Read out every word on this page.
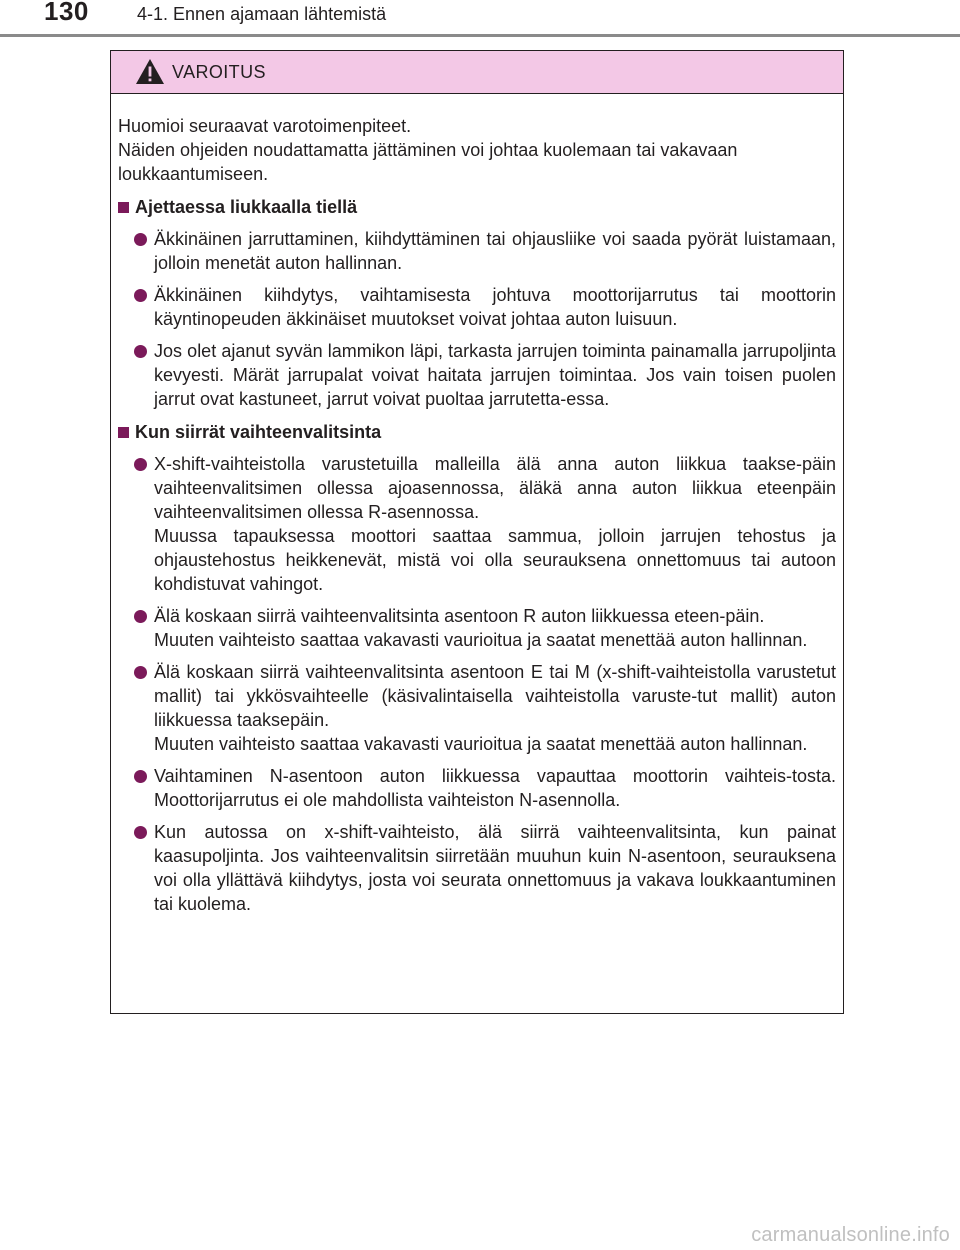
130	4-1. Ennen ajamaan lähtemistä
VAROITUS

Huomioi seuraavat varotoimenpiteet.

Näiden ohjeiden noudattamatta jättäminen voi johtaa kuolemaan tai vakavaan loukkaantumiseen.

Ajettaessa liukkaalla tiellä

Äkkinäinen jarruttaminen, kiihdyttäminen tai ohjausliike voi saada pyörät luistamaan, jolloin menetät auton hallinnan.

Äkkinäinen kiihdytys, vaihtamisesta johtuva moottorijarrutus tai moottorin käyntinopeuden äkkinäiset muutokset voivat johtaa auton luisuun.

Jos olet ajanut syvän lammikon läpi, tarkasta jarrujen toiminta painamalla jarrupoljinta kevyesti. Märät jarrupalat voivat haitata jarrujen toimintaa. Jos vain toisen puolen jarrut ovat kastuneet, jarrut voivat puoltaa jarrutetta-essa.

Kun siirrät vaihteenvalitsinta

X-shift-vaihteistolla varustetuilla malleilla älä anna auton liikkua taakse-päin vaihteenvalitsimen ollessa ajoasennossa, äläkä anna auton liikkua eteenpäin vaihteenvalitsimen ollessa R-asennossa.

Muussa tapauksessa moottori saattaa sammua, jolloin jarrujen tehostus ja ohjaustehostus heikkenevät, mistä voi olla seurauksena onnettomuus tai autoon kohdistuvat vahingot.

Älä koskaan siirrä vaihteenvalitsinta asentoon R auton liikkuessa eteen-päin.

Muuten vaihteisto saattaa vakavasti vaurioitua ja saatat menettää auton hallinnan.

Älä koskaan siirrä vaihteenvalitsinta asentoon E tai M (x-shift-vaihteistolla varustetut mallit) tai ykkösvaihteelle (käsivalintaisella vaihteistolla varuste-tut mallit) auton liikkuessa taaksepäin.

Muuten vaihteisto saattaa vakavasti vaurioitua ja saatat menettää auton hallinnan.

Vaihtaminen N-asentoon auton liikkuessa vapauttaa moottorin vaihteis-tosta. Moottorijarrutus ei ole mahdollista vaihteiston N-asennolla.

Kun autossa on x-shift-vaihteisto, älä siirrä vaihteenvalitsinta, kun painat kaasupoljinta. Jos vaihteenvalitsin siirretään muuhun kuin N-asentoon, seurauksena voi olla yllättävä kiihdytys, josta voi seurata onnettomuus ja vakava loukkaantuminen tai kuolema.

carmanualsonline.info
